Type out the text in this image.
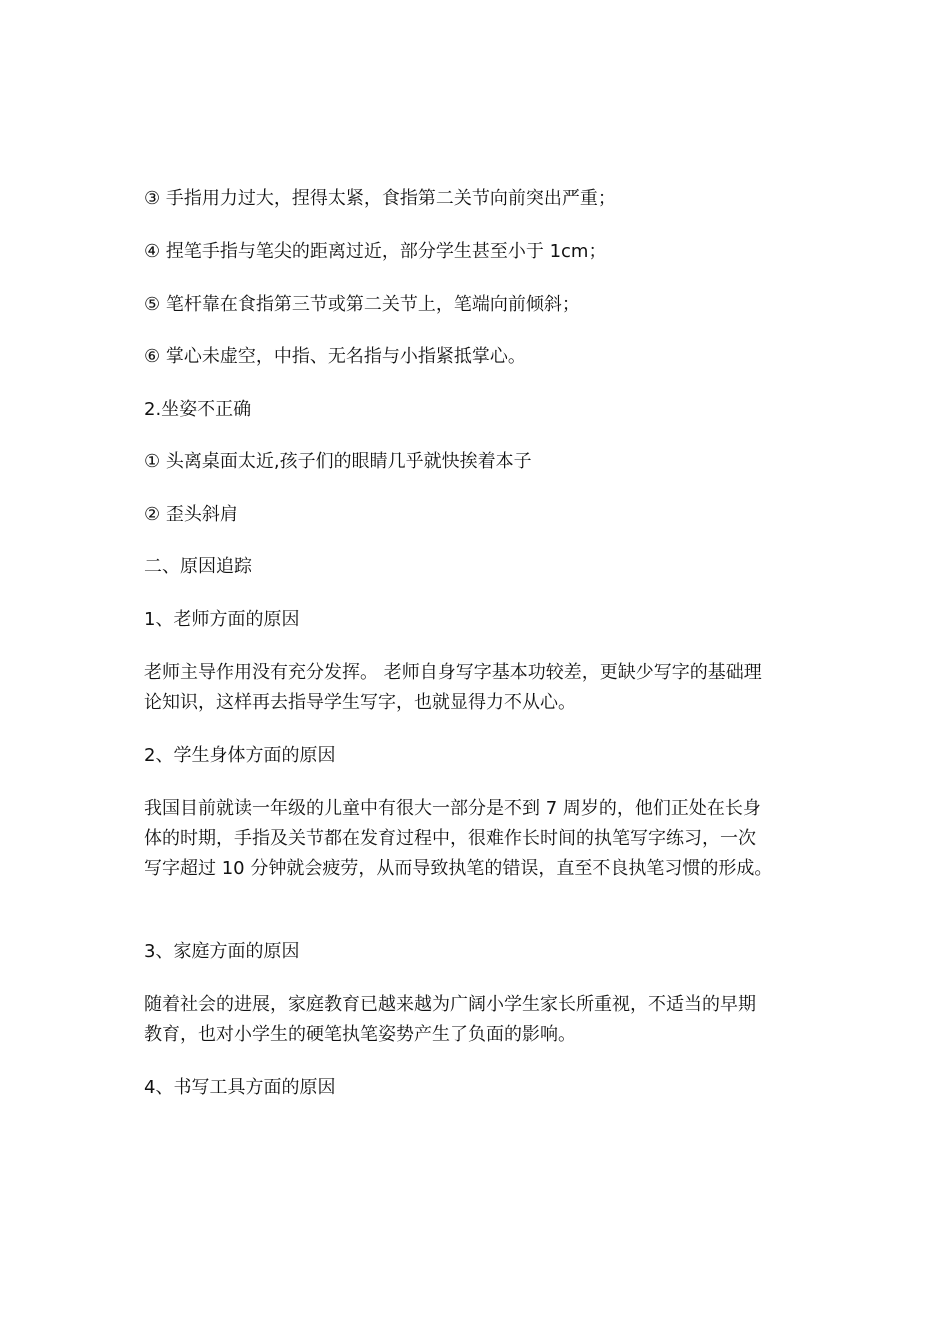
③ 手指用力过大，捏得太紧，食指第二关节向前突出严重；
④ 捏笔手指与笔尖的距离过近，部分学生甚至小于 1cm；
⑤ 笔杆靠在食指第三节或第二关节上，笔端向前倾斜；
⑥ 掌心未虚空，中指、无名指与小指紧抵掌心。
2.坐姿不正确
① 头离桌面太近,孩子们的眼睛几乎就快挨着本子
② 歪头斜肩
二、原因追踪
1、老师方面的原因
老师主导作用没有充分发挥。 老师自身写字基本功较差，更缺少写字的基础理
论知识，这样再去指导学生写字，也就显得力不从心。
2、学生身体方面的原因
我国目前就读一年级的儿童中有很大一部分是不到 7 周岁的，他们正处在长身
体的时期，手指及关节都在发育过程中，很难作长时间的执笔写字练习，一次
写字超过 10 分钟就会疲劳，从而导致执笔的错误，直至不良执笔习惯的形成。
3、家庭方面的原因
随着社会的进展，家庭教育已越来越为广阔小学生家长所重视，不适当的早期
教育，也对小学生的硬笔执笔姿势产生了负面的影响。
4、书写工具方面的原因
